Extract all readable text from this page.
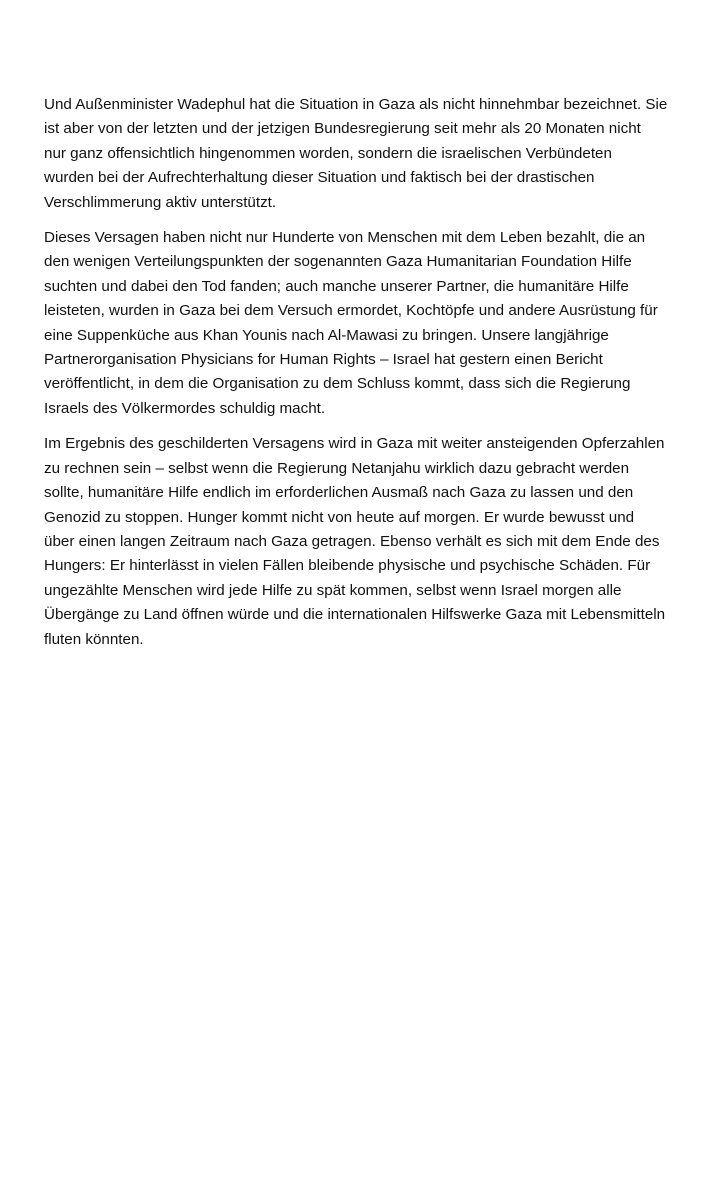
Und Außenminister Wadephul hat die Situation in Gaza als nicht hinnehmbar bezeichnet. Sie
ist aber von der letzten und der jetzigen Bundesregierung seit mehr als 20 Monaten nicht
nur ganz offensichtlich hingenommen worden, sondern die israelischen Verbündeten
wurden bei der Aufrechterhaltung dieser Situation und faktisch bei der drastischen
Verschlimmerung aktiv unterstützt.

Dieses Versagen haben nicht nur Hunderte von Menschen mit dem Leben bezahlt, die an
den wenigen Verteilungspunkten der sogenannten Gaza Humanitarian Foundation Hilfe
suchten und dabei den Tod fanden; auch manche unserer Partner, die humanitäre Hilfe
leisteten, wurden in Gaza bei dem Versuch ermordet, Kochtöpfe und andere Ausrüstung für
eine Suppenküche aus Khan Younis nach Al-Mawasi zu bringen. Unsere langjährige
Partnerorganisation Physicians for Human Rights – Israel hat gestern einen Bericht
veröffentlicht, in dem die Organisation zu dem Schluss kommt, dass sich die Regierung
Israels des Völkermordes schuldig macht.

Im Ergebnis des geschilderten Versagens wird in Gaza mit weiter ansteigenden Opferzahlen
zu rechnen sein – selbst wenn die Regierung Netanjahu wirklich dazu gebracht werden
sollte, humanitäre Hilfe endlich im erforderlichen Ausmaß nach Gaza zu lassen und den
Genozid zu stoppen. Hunger kommt nicht von heute auf morgen. Er wurde bewusst und
über einen langen Zeitraum nach Gaza getragen. Ebenso verhält es sich mit dem Ende des
Hungers: Er hinterlässt in vielen Fällen bleibende physische und psychische Schäden. Für
ungezählte Menschen wird jede Hilfe zu spät kommen, selbst wenn Israel morgen alle
Übergänge zu Land öffnen würde und die internationalen Hilfswerke Gaza mit Lebensmitteln
fluten könnten.
